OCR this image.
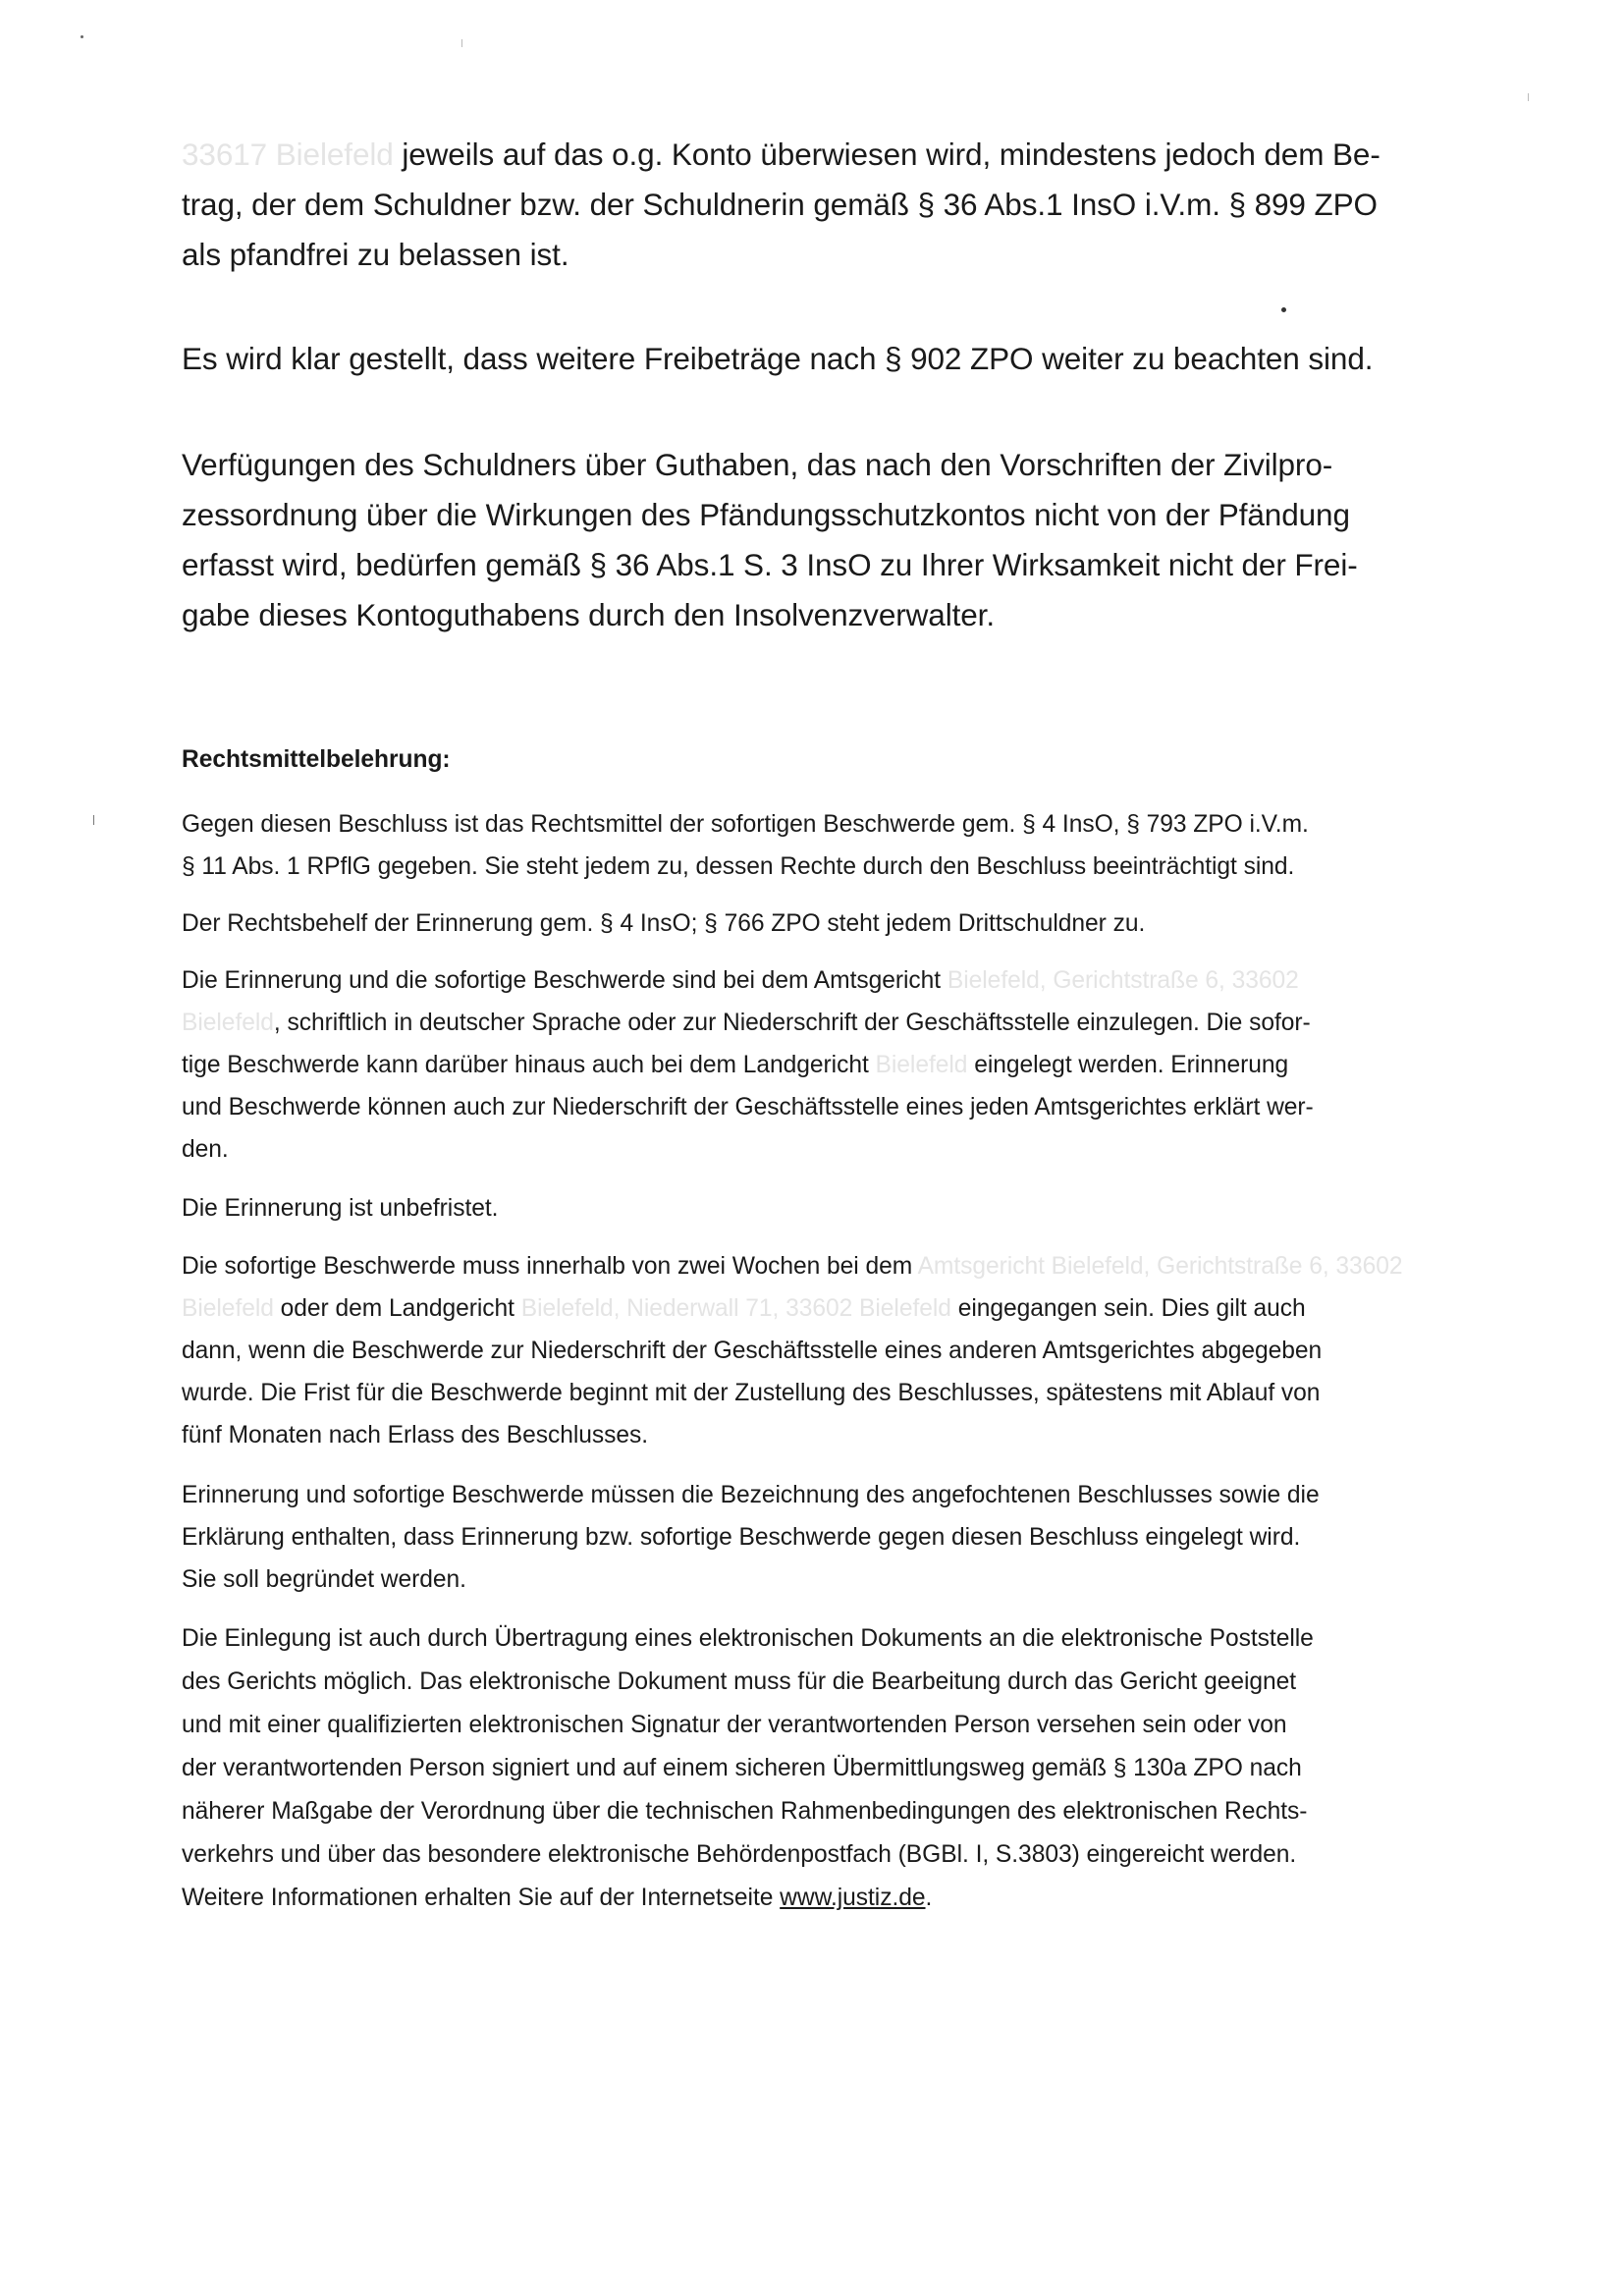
33617 Bielefeld jeweils auf das o.g. Konto überwiesen wird, mindestens jedoch dem Be-
trag, der dem Schuldner bzw. der Schuldnerin gemäß § 36 Abs.1 InsO i.V.m. § 899 ZPO
als pfandfrei zu belassen ist.
Es wird klar gestellt, dass weitere Freibeträge nach § 902 ZPO weiter zu beachten sind.
Verfügungen des Schuldners über Guthaben, das nach den Vorschriften der Zivilpro-
zessordnung über die Wirkungen des Pfändungsschutzkontos nicht von der Pfändung
erfasst wird, bedürfen gemäß § 36 Abs.1 S. 3 InsO zu Ihrer Wirksamkeit nicht der Frei-
gabe dieses Kontoguthabens durch den Insolvenzverwalter.
Rechtsmittelbelehrung:
Gegen diesen Beschluss ist das Rechtsmittel der sofortigen Beschwerde gem. § 4 InsO, § 793 ZPO i.V.m.
§ 11 Abs. 1 RPflG gegeben. Sie steht jedem zu, dessen Rechte durch den Beschluss beeinträchtigt sind.
Der Rechtsbehelf der Erinnerung gem. § 4 InsO; § 766 ZPO steht jedem Drittschuldner zu.
Die Erinnerung und die sofortige Beschwerde sind bei dem Amtsgericht Bielefeld, Gerichtstraße 6, 33602
Bielefeld, schriftlich in deutscher Sprache oder zur Niederschrift der Geschäftsstelle einzulegen. Die sofor-
tige Beschwerde kann darüber hinaus auch bei dem Landgericht Bielefeld eingelegt werden. Erinnerung
und Beschwerde können auch zur Niederschrift der Geschäftsstelle eines jeden Amtsgerichtes erklärt wer-
den.
Die Erinnerung ist unbefristet.
Die sofortige Beschwerde muss innerhalb von zwei Wochen bei dem Amtsgericht Bielefeld, Gerichtstraße 6, 33602
Bielefeld oder dem Landgericht Bielefeld, Niederwall 71, 33602 Bielefeld eingegangen sein. Dies gilt auch
dann, wenn die Beschwerde zur Niederschrift der Geschäftsstelle eines anderen Amtsgerichtes abgegeben
wurde. Die Frist für die Beschwerde beginnt mit der Zustellung des Beschlusses, spätestens mit Ablauf von
fünf Monaten nach Erlass des Beschlusses.
Erinnerung und sofortige Beschwerde müssen die Bezeichnung des angefochtenen Beschlusses sowie die
Erklärung enthalten, dass Erinnerung bzw. sofortige Beschwerde gegen diesen Beschluss eingelegt wird.
Sie soll begründet werden.
Die Einlegung ist auch durch Übertragung eines elektronischen Dokuments an die elektronische Poststelle
des Gerichts möglich. Das elektronische Dokument muss für die Bearbeitung durch das Gericht geeignet
und mit einer qualifizierten elektronischen Signatur der verantwortenden Person versehen sein oder von
der verantwortenden Person signiert und auf einem sicheren Übermittlungsweg gemäß § 130a ZPO nach
näherer Maßgabe der Verordnung über die technischen Rahmenbedingungen des elektronischen Rechts-
verkehrs und über das besondere elektronische Behördenpostfach (BGBl. I, S.3803) eingereicht werden.
Weitere Informationen erhalten Sie auf der Internetseite www.justiz.de.
